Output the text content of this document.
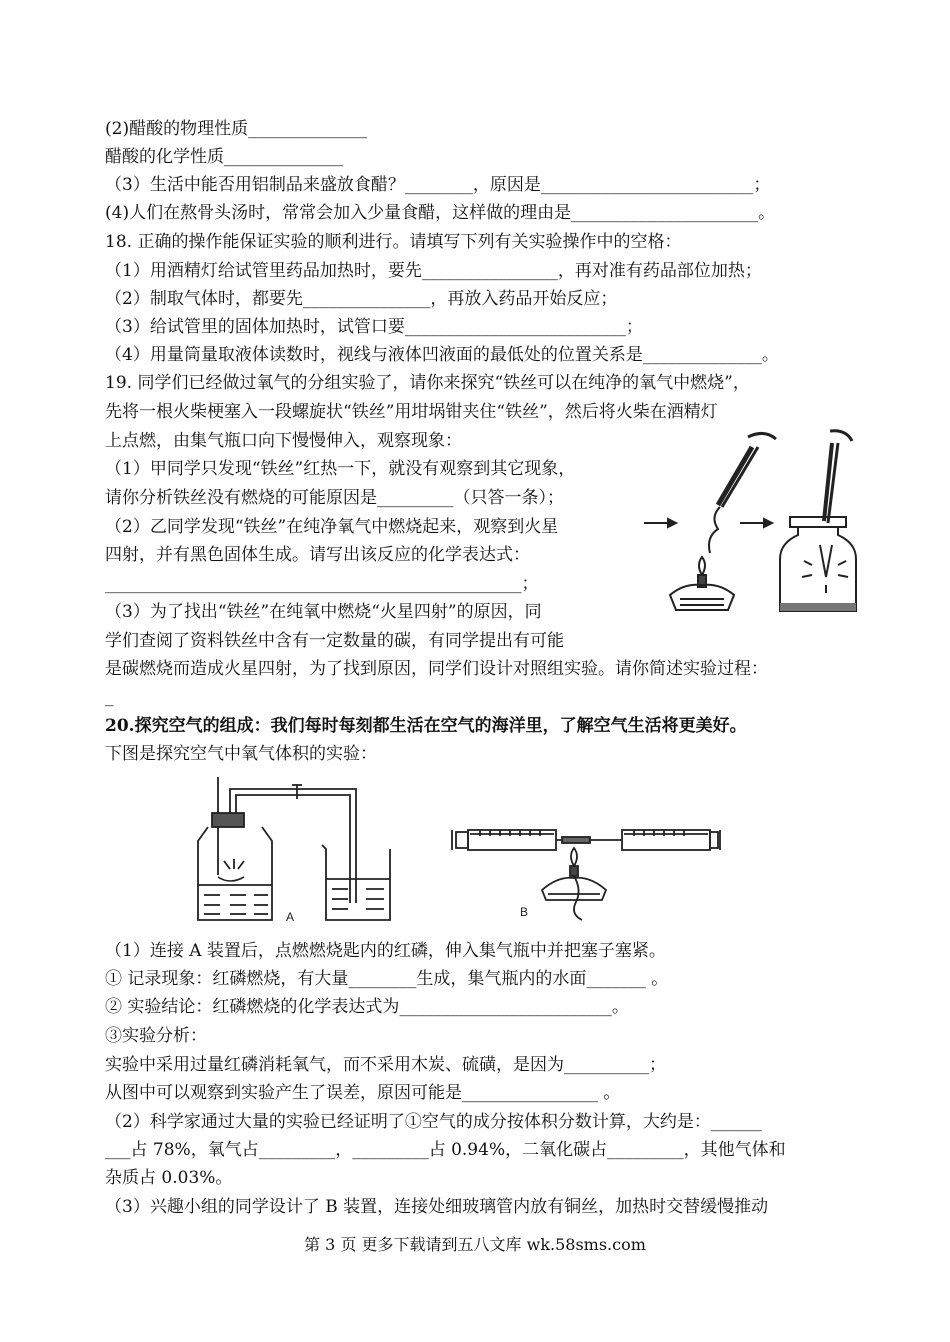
(2)醋酸的物理性质______________
醋酸的化学性质______________
（3）生活中能否用铝制品来盛放食醋？________，原因是_________________________；
(4)人们在熬骨头汤时，常常会加入少量食醋，这样做的理由是______________________。
18. 正确的操作能保证实验的顺利进行。请填写下列有关实验操作中的空格：
（1）用酒精灯给试管里药品加热时，要先________________，再对准有药品部位加热；
（2）制取气体时，都要先_______________，再放入药品开始反应；
（3）给试管里的固体加热时，试管口要__________________________；
（4）用量筒量取液体读数时，视线与液体凹液面的最低处的位置关系是______________。
19. 同学们已经做过氧气的分组实验了，请你来探究“铁丝可以在纯净的氧气中燃烧”，
先将一根火柴梗塞入一段螺旋状“铁丝”用坩埚钳夹住“铁丝”，然后将火柴在酒精灯
上点燃，由集气瓶口向下慢慢伸入，观察现象：
（1）甲同学只发现“铁丝”红热一下，就没有观察到其它现象，
请你分析铁丝没有燃烧的可能原因是_________（只答一条）；
（2）乙同学发现“铁丝”在纯净氧气中燃烧起来，观察到火星
四射，并有黑色固体生成。请写出该反应的化学表达式：
_________________________________________________；
（3）为了找出“铁丝”在纯氧中燃烧“火星四射”的原因，同
学们查阅了资料铁丝中含有一定数量的碳，有同学提出有可能
是碳燃烧而造成火星四射，为了找到原因，同学们设计对照组实验。请你简述实验过程：
_
20.探究空气的组成：我们每时每刻都生活在空气的海洋里，了解空气生活将更美好。
下图是探究空气中氧气体积的实验：
A	B
（1）连接 A 装置后，点燃燃烧匙内的红磷，伸入集气瓶中并把塞子塞紧。
① 记录现象：红磷燃烧，有大量________生成，集气瓶内的水面_______ 。
② 实验结论：红磷燃烧的化学表达式为_________________________。
③实验分析：
实验中采用过量红磷消耗氧气，而不采用木炭、硫磺，是因为__________；
从图中可以观察到实验产生了误差，原因可能是________________ 。
（2）科学家通过大量的实验已经证明了①空气的成分按体积分数计算，大约是：______
___占 78%，氧气占_________，_________占 0.94%，二氧化碳占_________，其他气体和
杂质占 0.03%。
（3）兴趣小组的同学设计了 B 装置，连接处细玻璃管内放有铜丝，加热时交替缓慢推动
第 3 页 更多下载请到五八文库 wk.58sms.com
